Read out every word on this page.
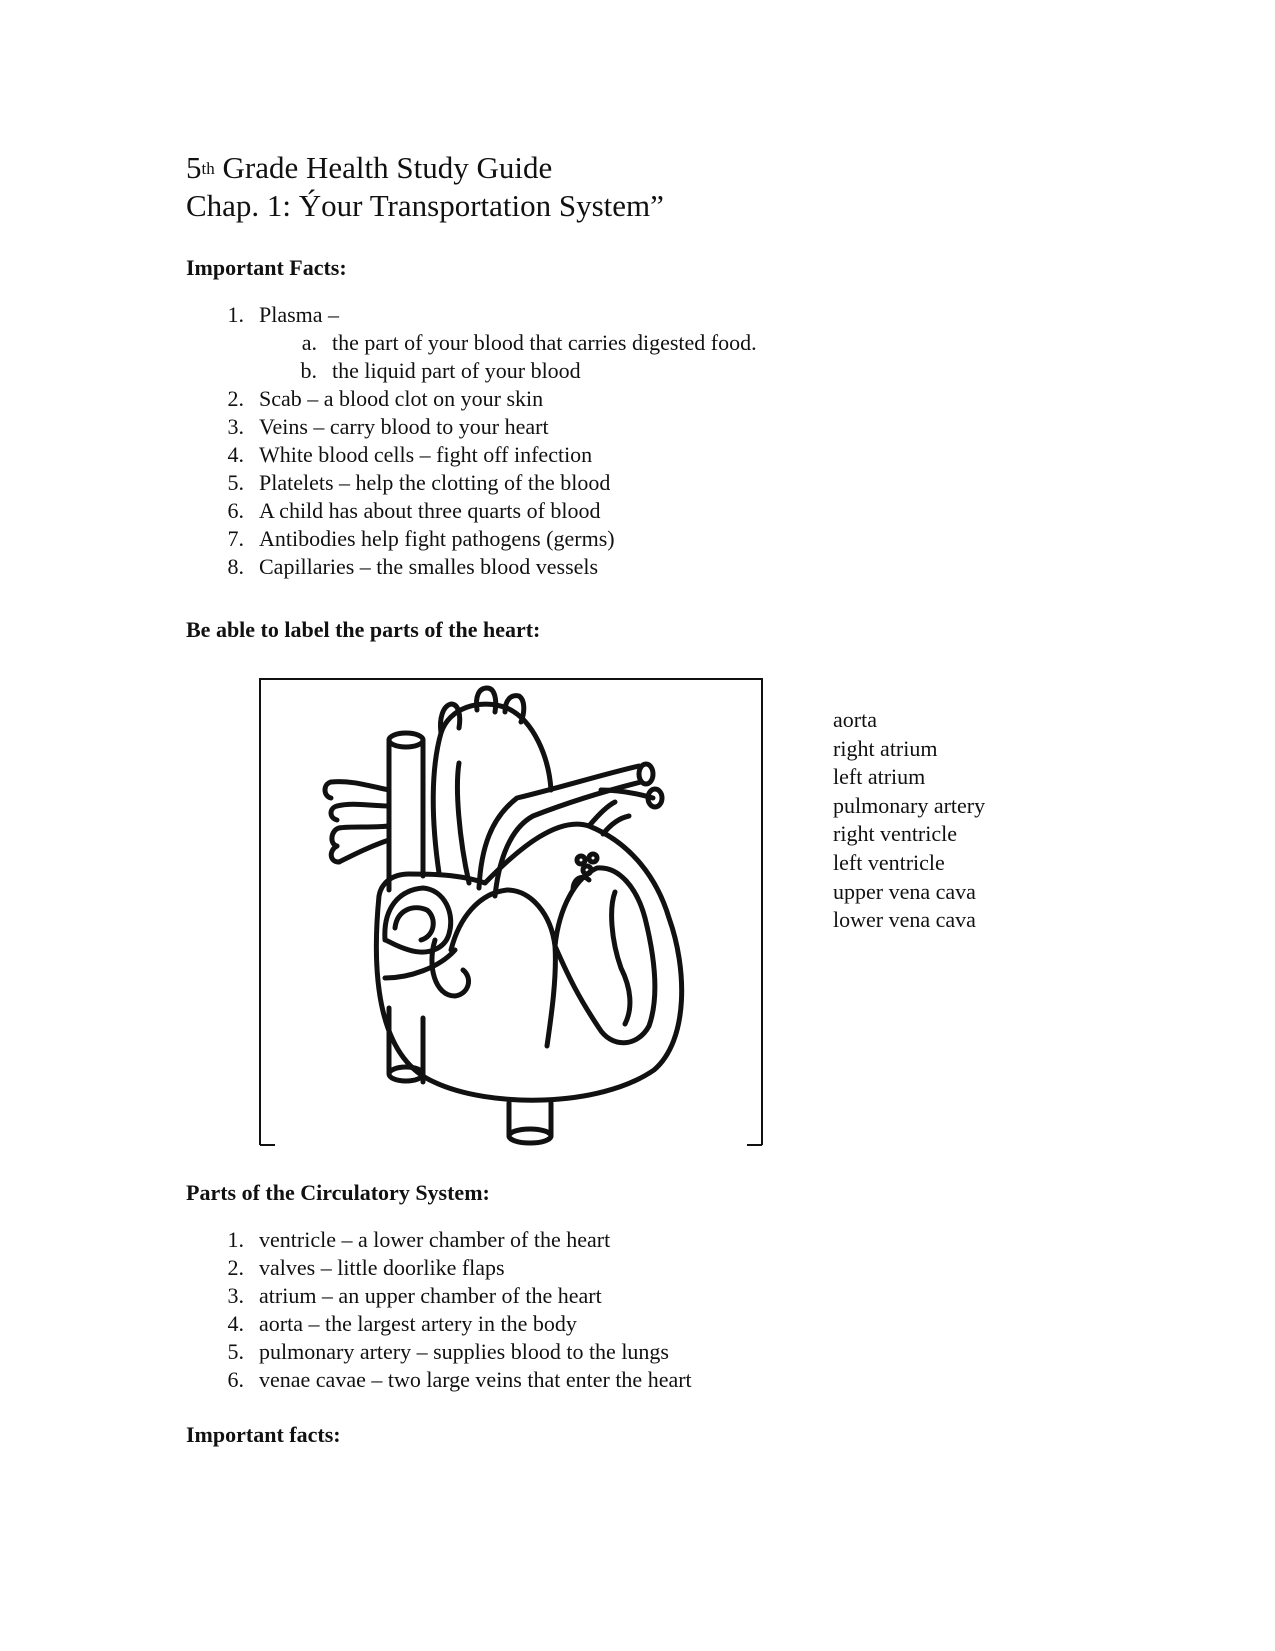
5th Grade Health Study Guide
Chap. 1: Ýour Transportation System”
Important Facts:
1. Plasma –
a. the part of your blood that carries digested food.
b. the liquid part of your blood
2. Scab – a blood clot on your skin
3. Veins – carry blood to your heart
4. White blood cells – fight off infection
5. Platelets – help the clotting of the blood
6. A child has about three quarts of blood
7. Antibodies help fight pathogens (germs)
8. Capillaries – the smalles blood vessels
Be able to label the parts of the heart:
aorta
right atrium
left atrium
pulmonary artery
right ventricle
left ventricle
upper vena cava
lower vena cava
Parts of the Circulatory System:
1. ventricle – a lower chamber of the heart
2. valves – little doorlike flaps
3. atrium – an upper chamber of the heart
4. aorta – the largest artery in the body
5. pulmonary artery – supplies blood to the lungs
6. venae cavae – two large veins that enter the heart
Important facts:
